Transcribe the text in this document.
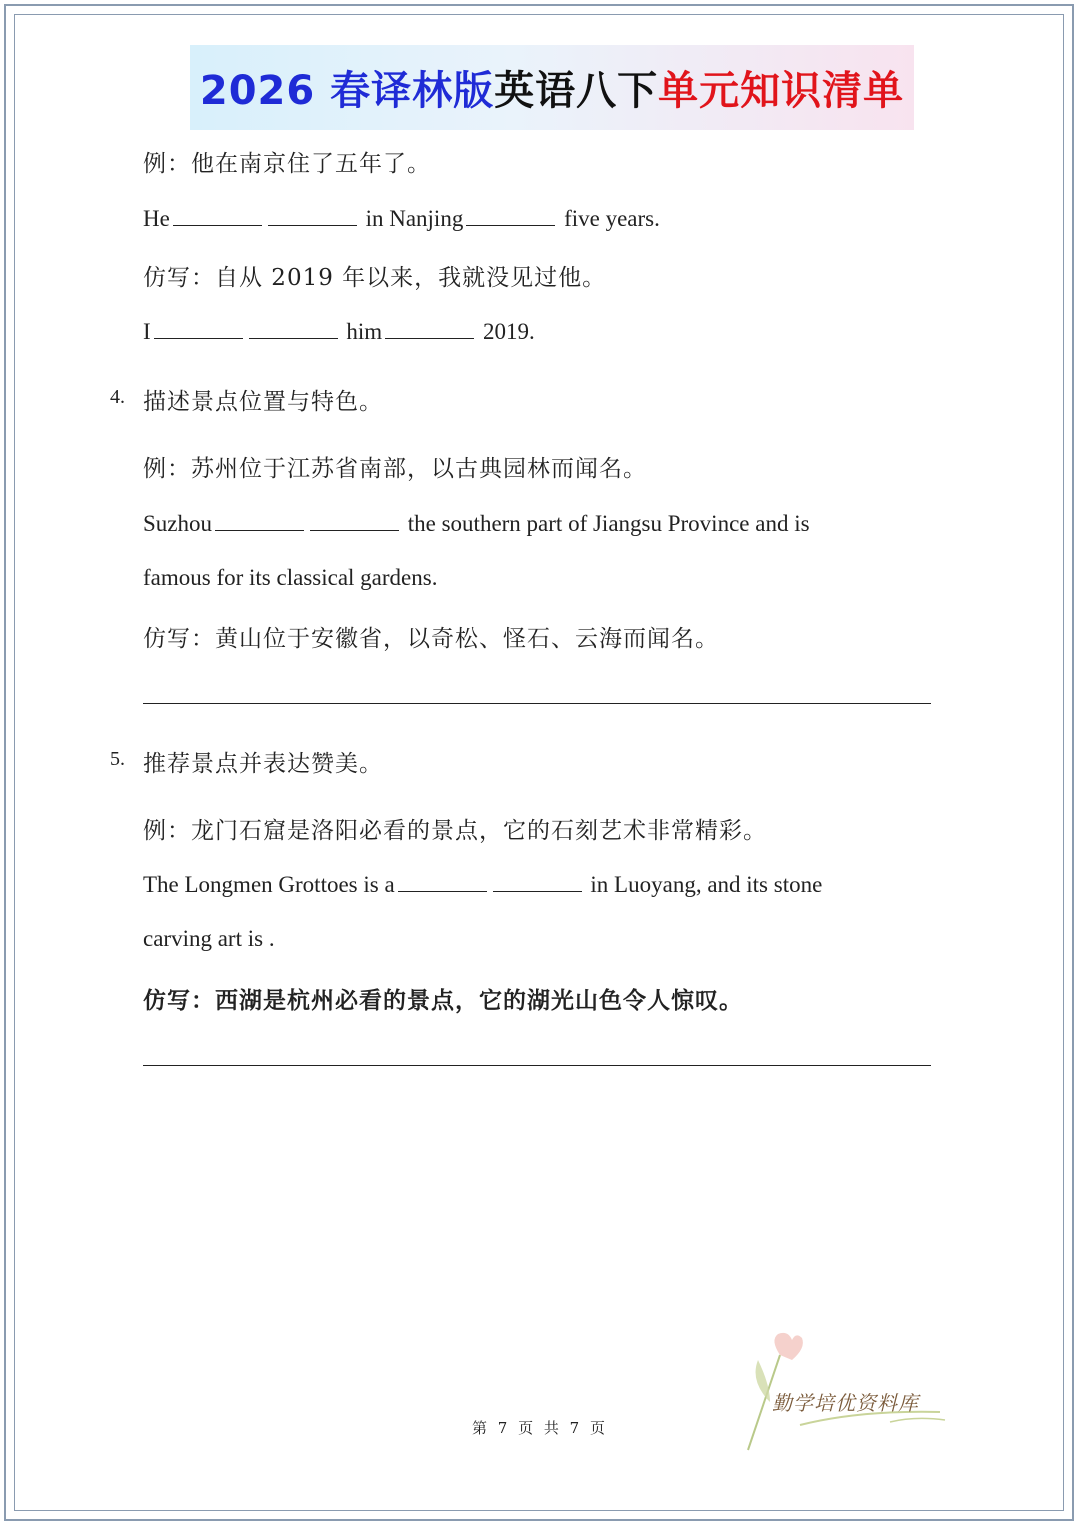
2026 春译林版 英语八下 单元知识清单
例：他在南京住了五年了。
He	in Nanjing	five years.
仿写：自从 2019 年以来，我就没见过他。
I	him	2019.
4. 描述景点位置与特色。
例：苏州位于江苏省南部，以古典园林而闻名。
Suzhou	the southern part of Jiangsu Province and is
famous for its classical gardens.
仿写：黄山位于安徽省，以奇松、怪石、云海而闻名。
5. 推荐景点并表达赞美。
例：龙门石窟是洛阳必看的景点，它的石刻艺术非常精彩。
The Longmen Grottoes is a	in Luoyang, and its stone
carving art is .
仿写：西湖是杭州必看的景点，它的湖光山色令人惊叹。
勤学培优资料库
第 7 页 共 7 页
